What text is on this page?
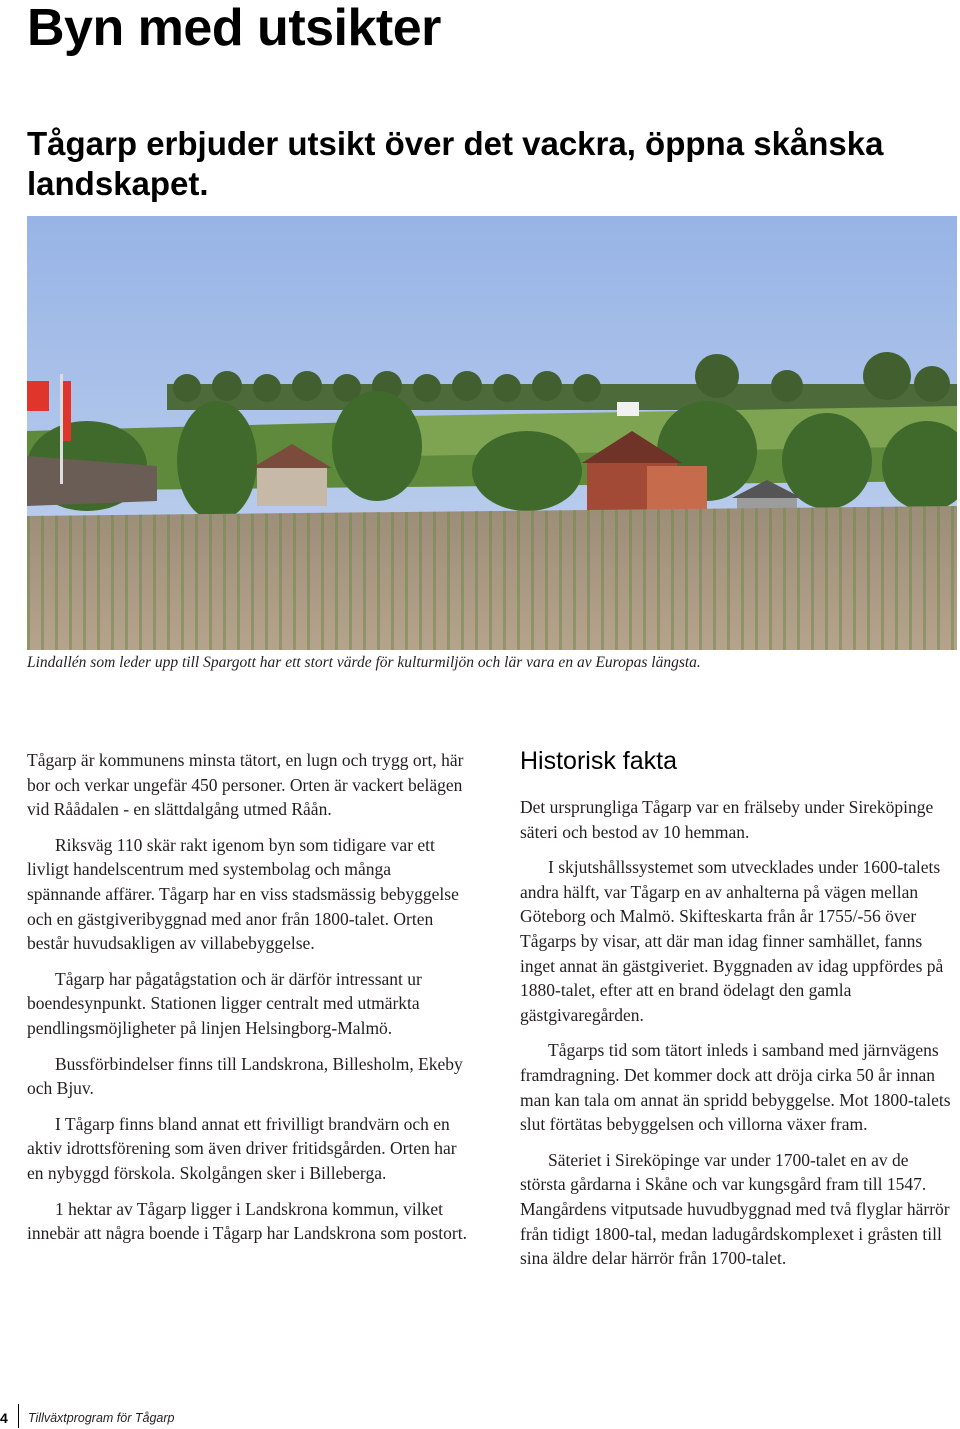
Byn med utsikter
Tågarp erbjuder utsikt över det vackra, öppna skånska landskapet.

Lindallén som leder upp till Spargott har ett stort värde för kulturmiljön och lär vara en av Europas längsta.

Tågarp är kommunens minsta tätort, en lugn och trygg ort, här bor och verkar ungefär 450 personer. Orten är vackert belägen vid Råådalen - en slättdalgång utmed Råån.

Riksväg 110 skär rakt igenom byn som tidigare var ett livligt handelscentrum med systembolag och många spännande affärer. Tågarp har en viss stadsmässig bebyggelse och en gästgiveribyggnad med anor från 1800-talet. Orten består huvudsakligen av villabebyggelse.

Tågarp har pågatågstation och är därför intressant ur boendesynpunkt. Stationen ligger centralt med utmärkta pendlingsmöjligheter på linjen Helsingborg-Malmö.

Bussförbindelser finns till Landskrona, Billesholm, Ekeby och Bjuv.

I Tågarp finns bland annat ett frivilligt brandvärn och en aktiv idrottsförening som även driver fritidsgården. Orten har en nybyggd förskola. Skolgången sker i Billeberga.

1 hektar av Tågarp ligger i Landskrona kommun, vilket innebär att några boende i Tågarp har Landskrona som postort.

Historisk fakta

Det ursprungliga Tågarp var en frälseby under Sireköpinge säteri och bestod av 10 hemman.

I skjutshållssystemet som utvecklades under 1600-talets andra hälft, var Tågarp en av anhalterna på vägen mellan Göteborg och Malmö. Skifteskarta från år 1755/-56 över Tågarps by visar, att där man idag finner samhället, fanns inget annat än gästgiveriet. Byggnaden av idag uppfördes på 1880-talet, efter att en brand ödelagt den gamla gästgivaregården.

Tågarps tid som tätort inleds i samband med järnvägens framdragning. Det kommer dock att dröja cirka 50 år innan man kan tala om annat än spridd bebyggelse. Mot 1800-talets slut förtätas bebyggelsen och villorna växer fram.

Säteriet i Sireköpinge var under 1700-talet en av de största gårdarna i Skåne och var kungsgård fram till 1547. Mangårdens vitputsade huvudbyggnad med två flyglar härrör från tidigt 1800-tal, medan ladugårdskomplexet i gråsten till sina äldre delar härrör från 1700-talet.

4 Tillväxtprogram för Tågarp
